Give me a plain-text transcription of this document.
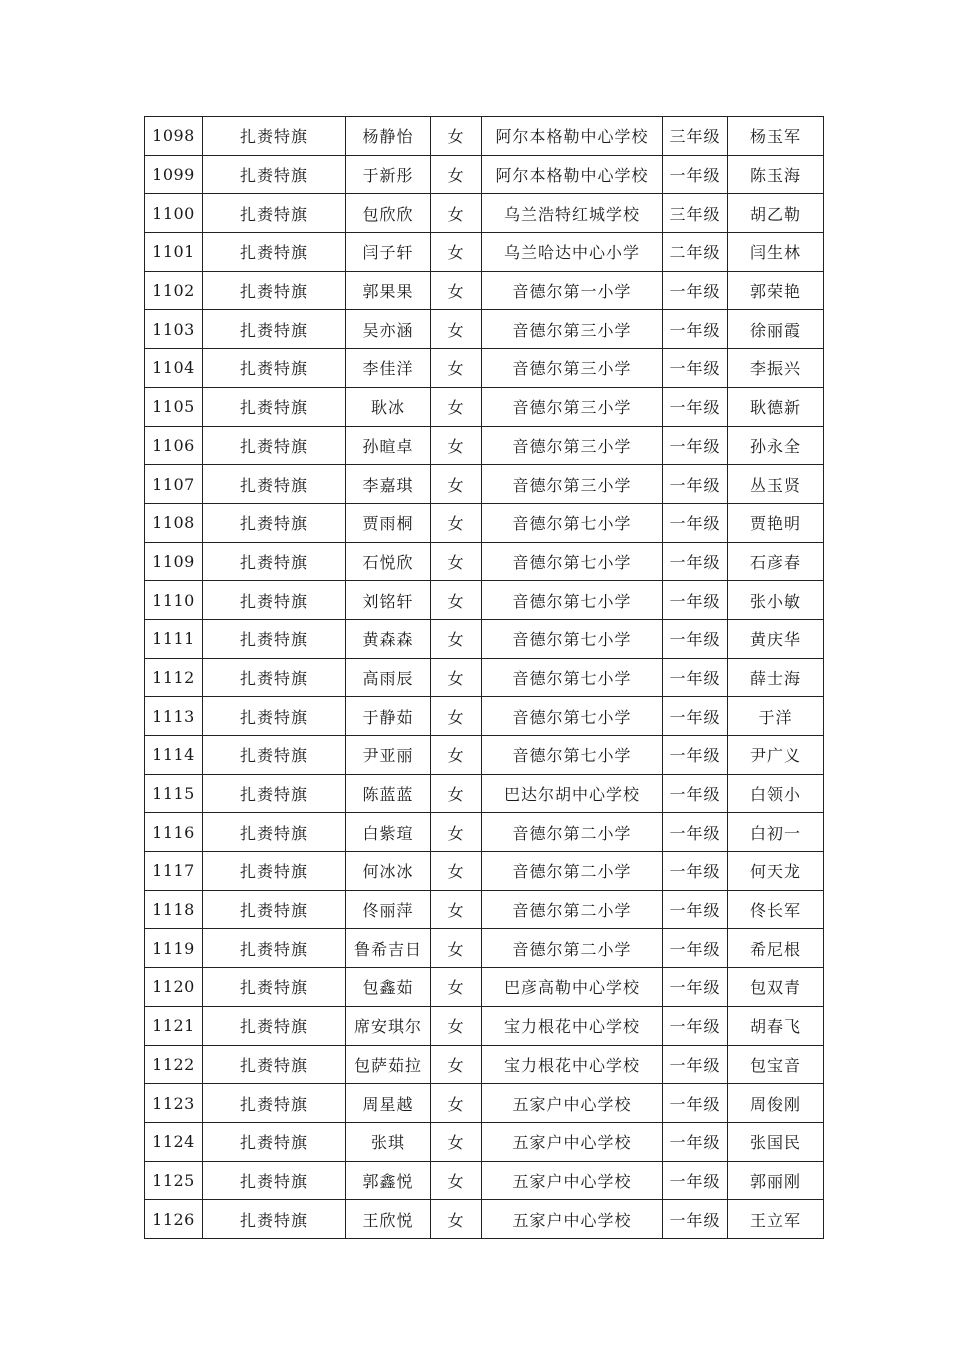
1098	扎赉特旗	杨静怡	女	阿尔本格勒中心学校	三年级	杨玉军
1099	扎赉特旗	于新彤	女	阿尔本格勒中心学校	一年级	陈玉海
1100	扎赉特旗	包欣欣	女	乌兰浩特红城学校	三年级	胡乙勒
1101	扎赉特旗	闫子轩	女	乌兰哈达中心小学	二年级	闫生林
1102	扎赉特旗	郭果果	女	音德尔第一小学	一年级	郭荣艳
1103	扎赉特旗	吴亦涵	女	音德尔第三小学	一年级	徐丽霞
1104	扎赉特旗	李佳洋	女	音德尔第三小学	一年级	李振兴
1105	扎赉特旗	耿冰	女	音德尔第三小学	一年级	耿德新
1106	扎赉特旗	孙暄卓	女	音德尔第三小学	一年级	孙永全
1107	扎赉特旗	李嘉琪	女	音德尔第三小学	一年级	丛玉贤
1108	扎赉特旗	贾雨桐	女	音德尔第七小学	一年级	贾艳明
1109	扎赉特旗	石悦欣	女	音德尔第七小学	一年级	石彦春
1110	扎赉特旗	刘铭轩	女	音德尔第七小学	一年级	张小敏
1111	扎赉特旗	黄森森	女	音德尔第七小学	一年级	黄庆华
1112	扎赉特旗	高雨辰	女	音德尔第七小学	一年级	薛士海
1113	扎赉特旗	于静茹	女	音德尔第七小学	一年级	于洋
1114	扎赉特旗	尹亚丽	女	音德尔第七小学	一年级	尹广义
1115	扎赉特旗	陈蓝蓝	女	巴达尔胡中心学校	一年级	白领小
1116	扎赉特旗	白紫瑄	女	音德尔第二小学	一年级	白初一
1117	扎赉特旗	何冰冰	女	音德尔第二小学	一年级	何天龙
1118	扎赉特旗	佟丽萍	女	音德尔第二小学	一年级	佟长军
1119	扎赉特旗	鲁希吉日	女	音德尔第二小学	一年级	希尼根
1120	扎赉特旗	包鑫茹	女	巴彦高勒中心学校	一年级	包双青
1121	扎赉特旗	席安琪尔	女	宝力根花中心学校	一年级	胡春飞
1122	扎赉特旗	包萨茹拉	女	宝力根花中心学校	一年级	包宝音
1123	扎赉特旗	周星越	女	五家户中心学校	一年级	周俊刚
1124	扎赉特旗	张琪	女	五家户中心学校	一年级	张国民
1125	扎赉特旗	郭鑫悦	女	五家户中心学校	一年级	郭丽刚
1126	扎赉特旗	王欣悦	女	五家户中心学校	一年级	王立军
